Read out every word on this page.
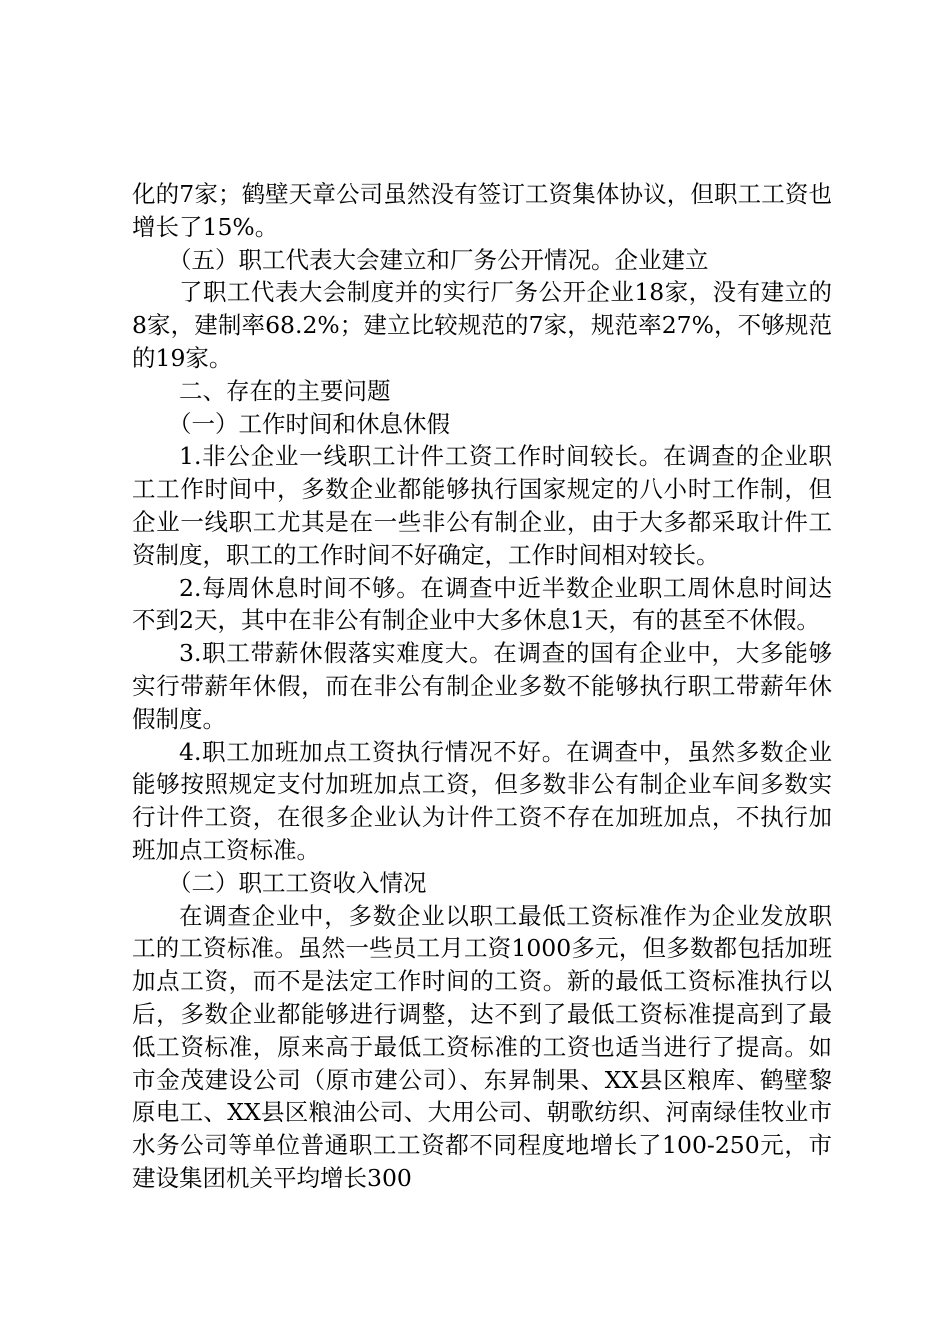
化的7家；鹤壁天章公司虽然没有签订工资集体协议，但职工工资也增长了15%。

（五）职工代表大会建立和厂务公开情况。企业建立

了职工代表大会制度并的实行厂务公开企业18家，没有建立的8家，建制率68.2%；建立比较规范的7家，规范率27%，不够规范的19家。

二、存在的主要问题

（一）工作时间和休息休假

1.非公企业一线职工计件工资工作时间较长。在调查的企业职工工作时间中，多数企业都能够执行国家规定的八小时工作制，但企业一线职工尤其是在一些非公有制企业，由于大多都采取计件工资制度，职工的工作时间不好确定，工作时间相对较长。

2.每周休息时间不够。在调查中近半数企业职工周休息时间达不到2天，其中在非公有制企业中大多休息1天，有的甚至不休假。

3.职工带薪休假落实难度大。在调查的国有企业中，大多能够实行带薪年休假，而在非公有制企业多数不能够执行职工带薪年休假制度。

4.职工加班加点工资执行情况不好。在调查中，虽然多数企业能够按照规定支付加班加点工资，但多数非公有制企业车间多数实行计件工资，在很多企业认为计件工资不存在加班加点，不执行加班加点工资标准。

（二）职工工资收入情况

在调查企业中，多数企业以职工最低工资标准作为企业发放职工的工资标准。虽然一些员工月工资1000多元，但多数都包括加班加点工资，而不是法定工作时间的工资。新的最低工资标准执行以后，多数企业都能够进行调整，达不到了最低工资标准提高到了最低工资标准，原来高于最低工资标准的工资也适当进行了提高。如市金茂建设公司（原市建公司）、东昇制果、XX县区粮库、鹤壁黎原电工、XX县区粮油公司、大用公司、朝歌纺织、河南绿佳牧业市水务公司等单位普通职工工资都不同程度地增长了100-250元，市建设集团机关平均增长300
